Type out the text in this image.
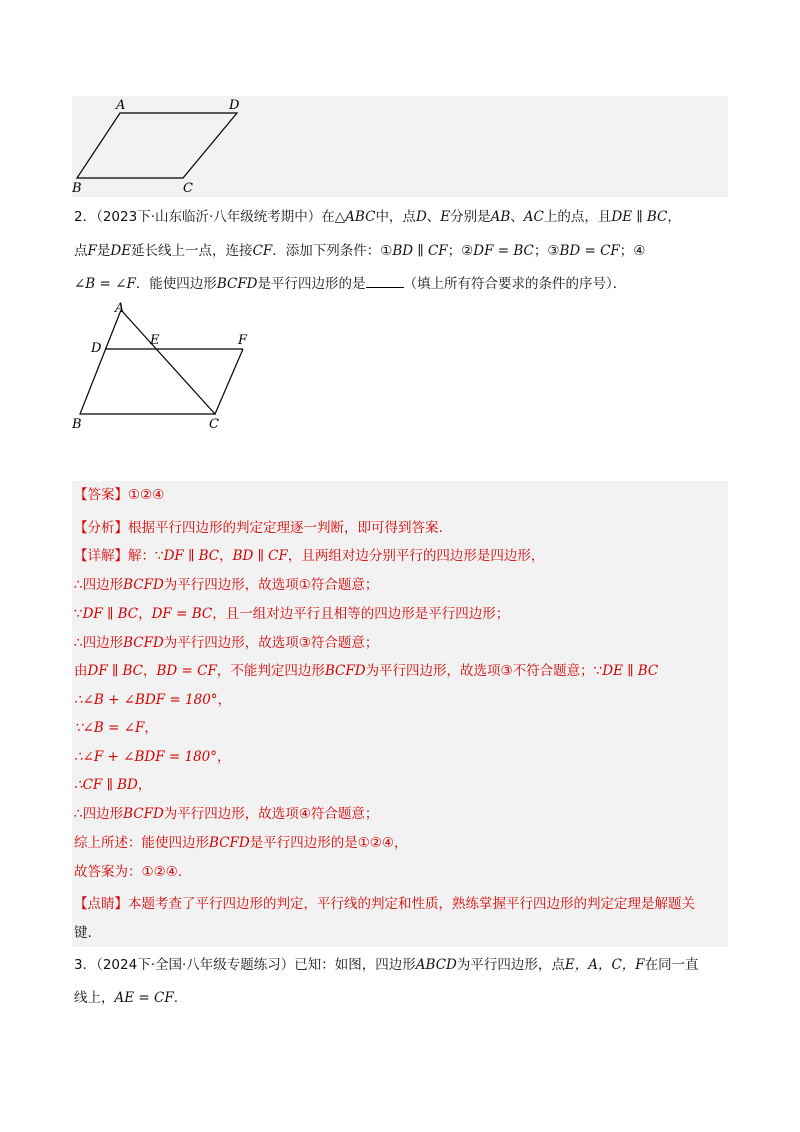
A	D
B	C
2．（2023下·山东临沂·八年级统考期中）在△ABC中，点D、E分别是AB、AC上的点，且DE ∥ BC，
点F是DE延长线上一点，连接CF．添加下列条件：①BD ∥ CF；②DF = BC；③BD = CF；④
∠B = ∠F．能使四边形BCFD是平行四边形的是	（填上所有符合要求的条件的序号）．
A
D
E	F
B	C
【答案】①②④
【分析】根据平行四边形的判定定理逐一判断，即可得到答案.
【详解】解：∵DF ∥ BC，BD ∥ CF，且两组对边分别平行的四边形是四边形，
∴四边形BCFD为平行四边形，故选项①符合题意；
∵DF ∥ BC，DF = BC，且一组对边平行且相等的四边形是平行四边形；
∴四边形BCFD为平行四边形，故选项③符合题意；
由DF ∥ BC，BD = CF，不能判定四边形BCFD为平行四边形，故选项③不符合题意；∵DE ∥ BC
∴∠B + ∠BDF = 180°，
∵∠B = ∠F，
∴∠F + ∠BDF = 180°，
∴CF ∥ BD，
∴四边形BCFD为平行四边形，故选项④符合题意；
综上所述：能使四边形BCFD是平行四边形的是①②④，
故答案为：①②④.
【点睛】本题考查了平行四边形的判定，平行线的判定和性质，熟练掌握平行四边形的判定定理是解题关
键.
3．（2024下·全国·八年级专题练习）已知：如图，四边形ABCD为平行四边形，点E，A，C，F在同一直
线上，AE = CF.
